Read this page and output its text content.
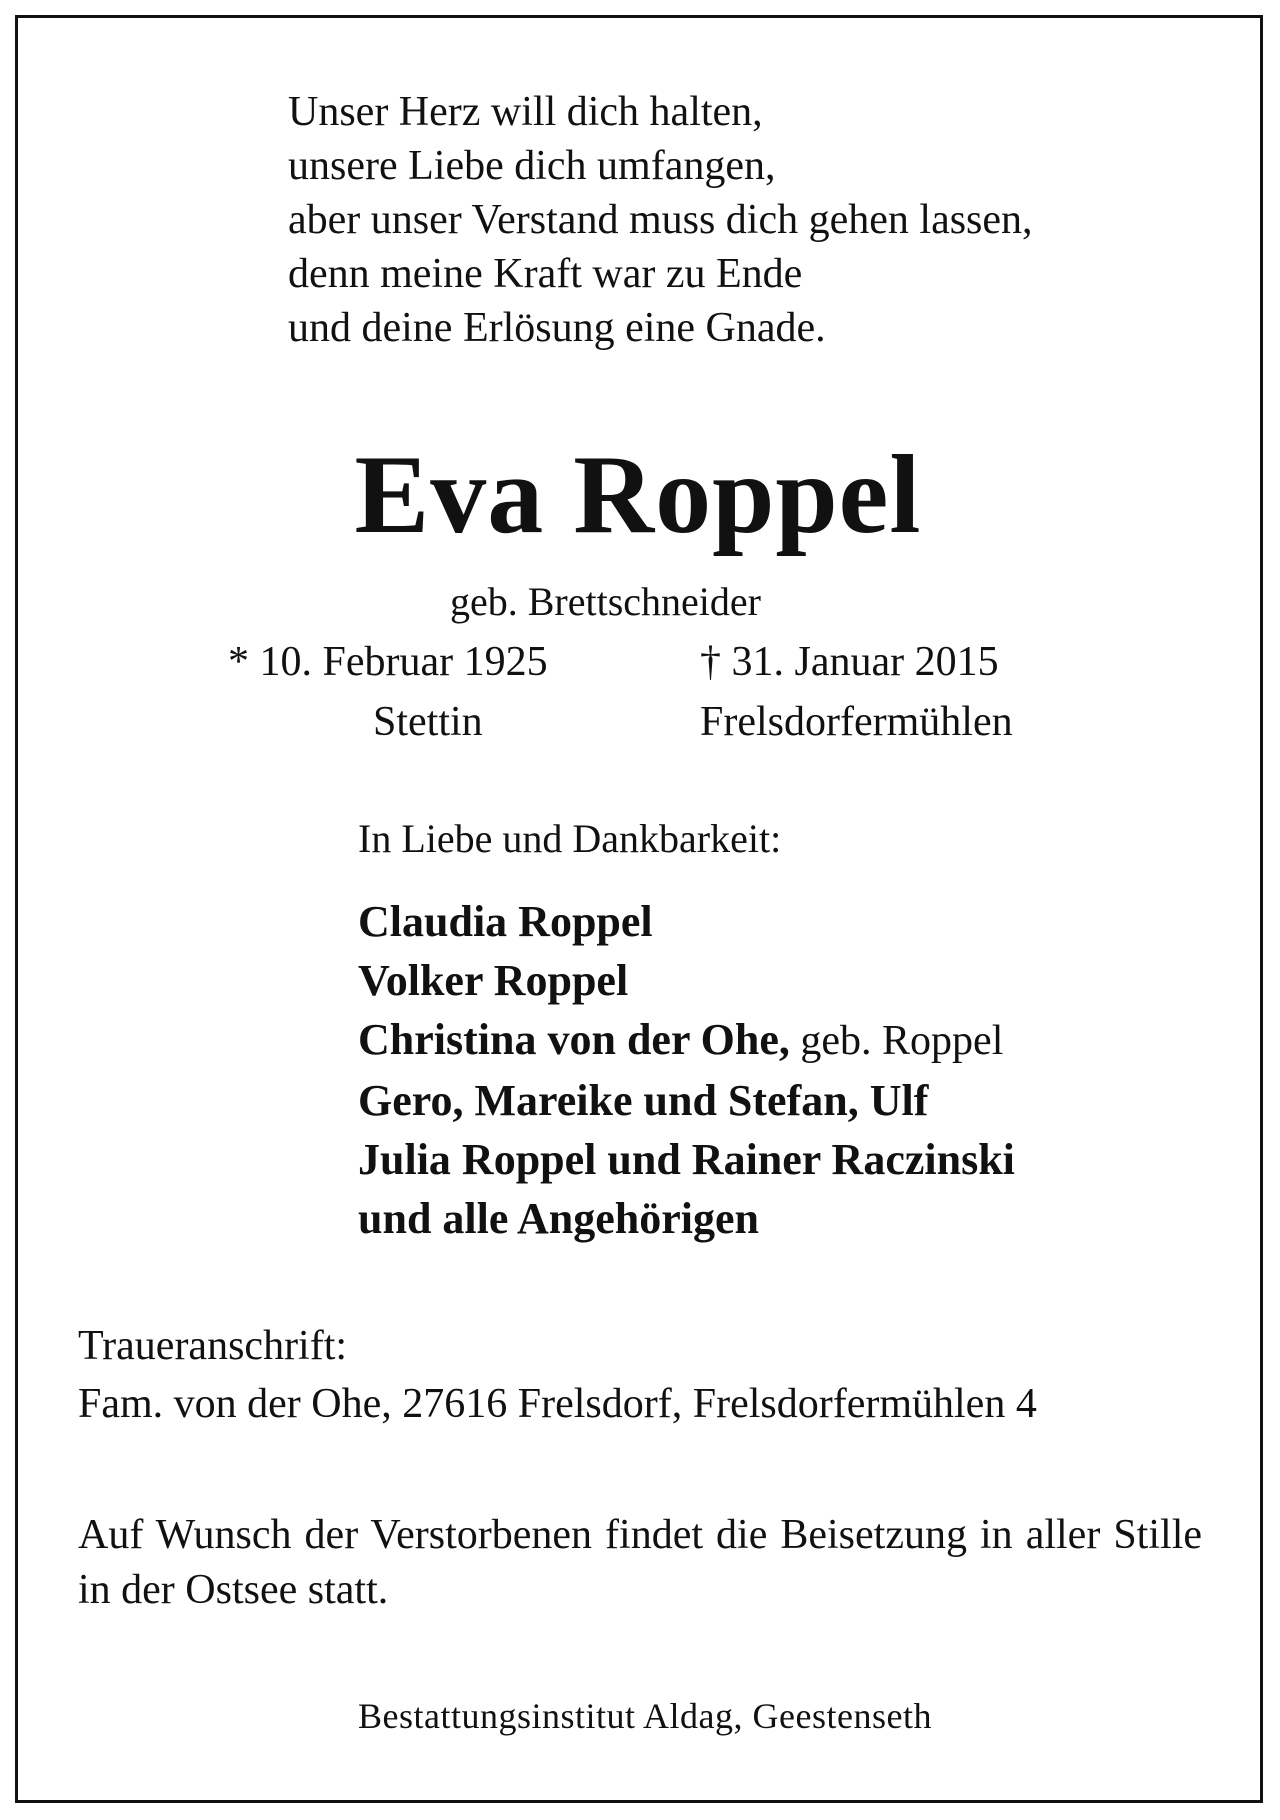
Unser Herz will dich halten,
unsere Liebe dich umfangen,
aber unser Verstand muss dich gehen lassen,
denn meine Kraft war zu Ende
und deine Erlösung eine Gnade.
Eva Roppel
geb. Brettschneider
* 10. Februar 1925	† 31. Januar 2015
Stettin	Frelsdorfermühlen
In Liebe und Dankbarkeit:
Claudia Roppel
Volker Roppel
Christina von der Ohe, geb. Roppel
Gero, Mareike und Stefan, Ulf
Julia Roppel und Rainer Raczinski
und alle Angehörigen
Traueranschrift:
Fam. von der Ohe, 27616 Frelsdorf, Frelsdorfermühlen 4
Auf Wunsch der Verstorbenen findet die Beisetzung in aller Stille in der Ostsee statt.
Bestattungsinstitut Aldag, Geestenseth
